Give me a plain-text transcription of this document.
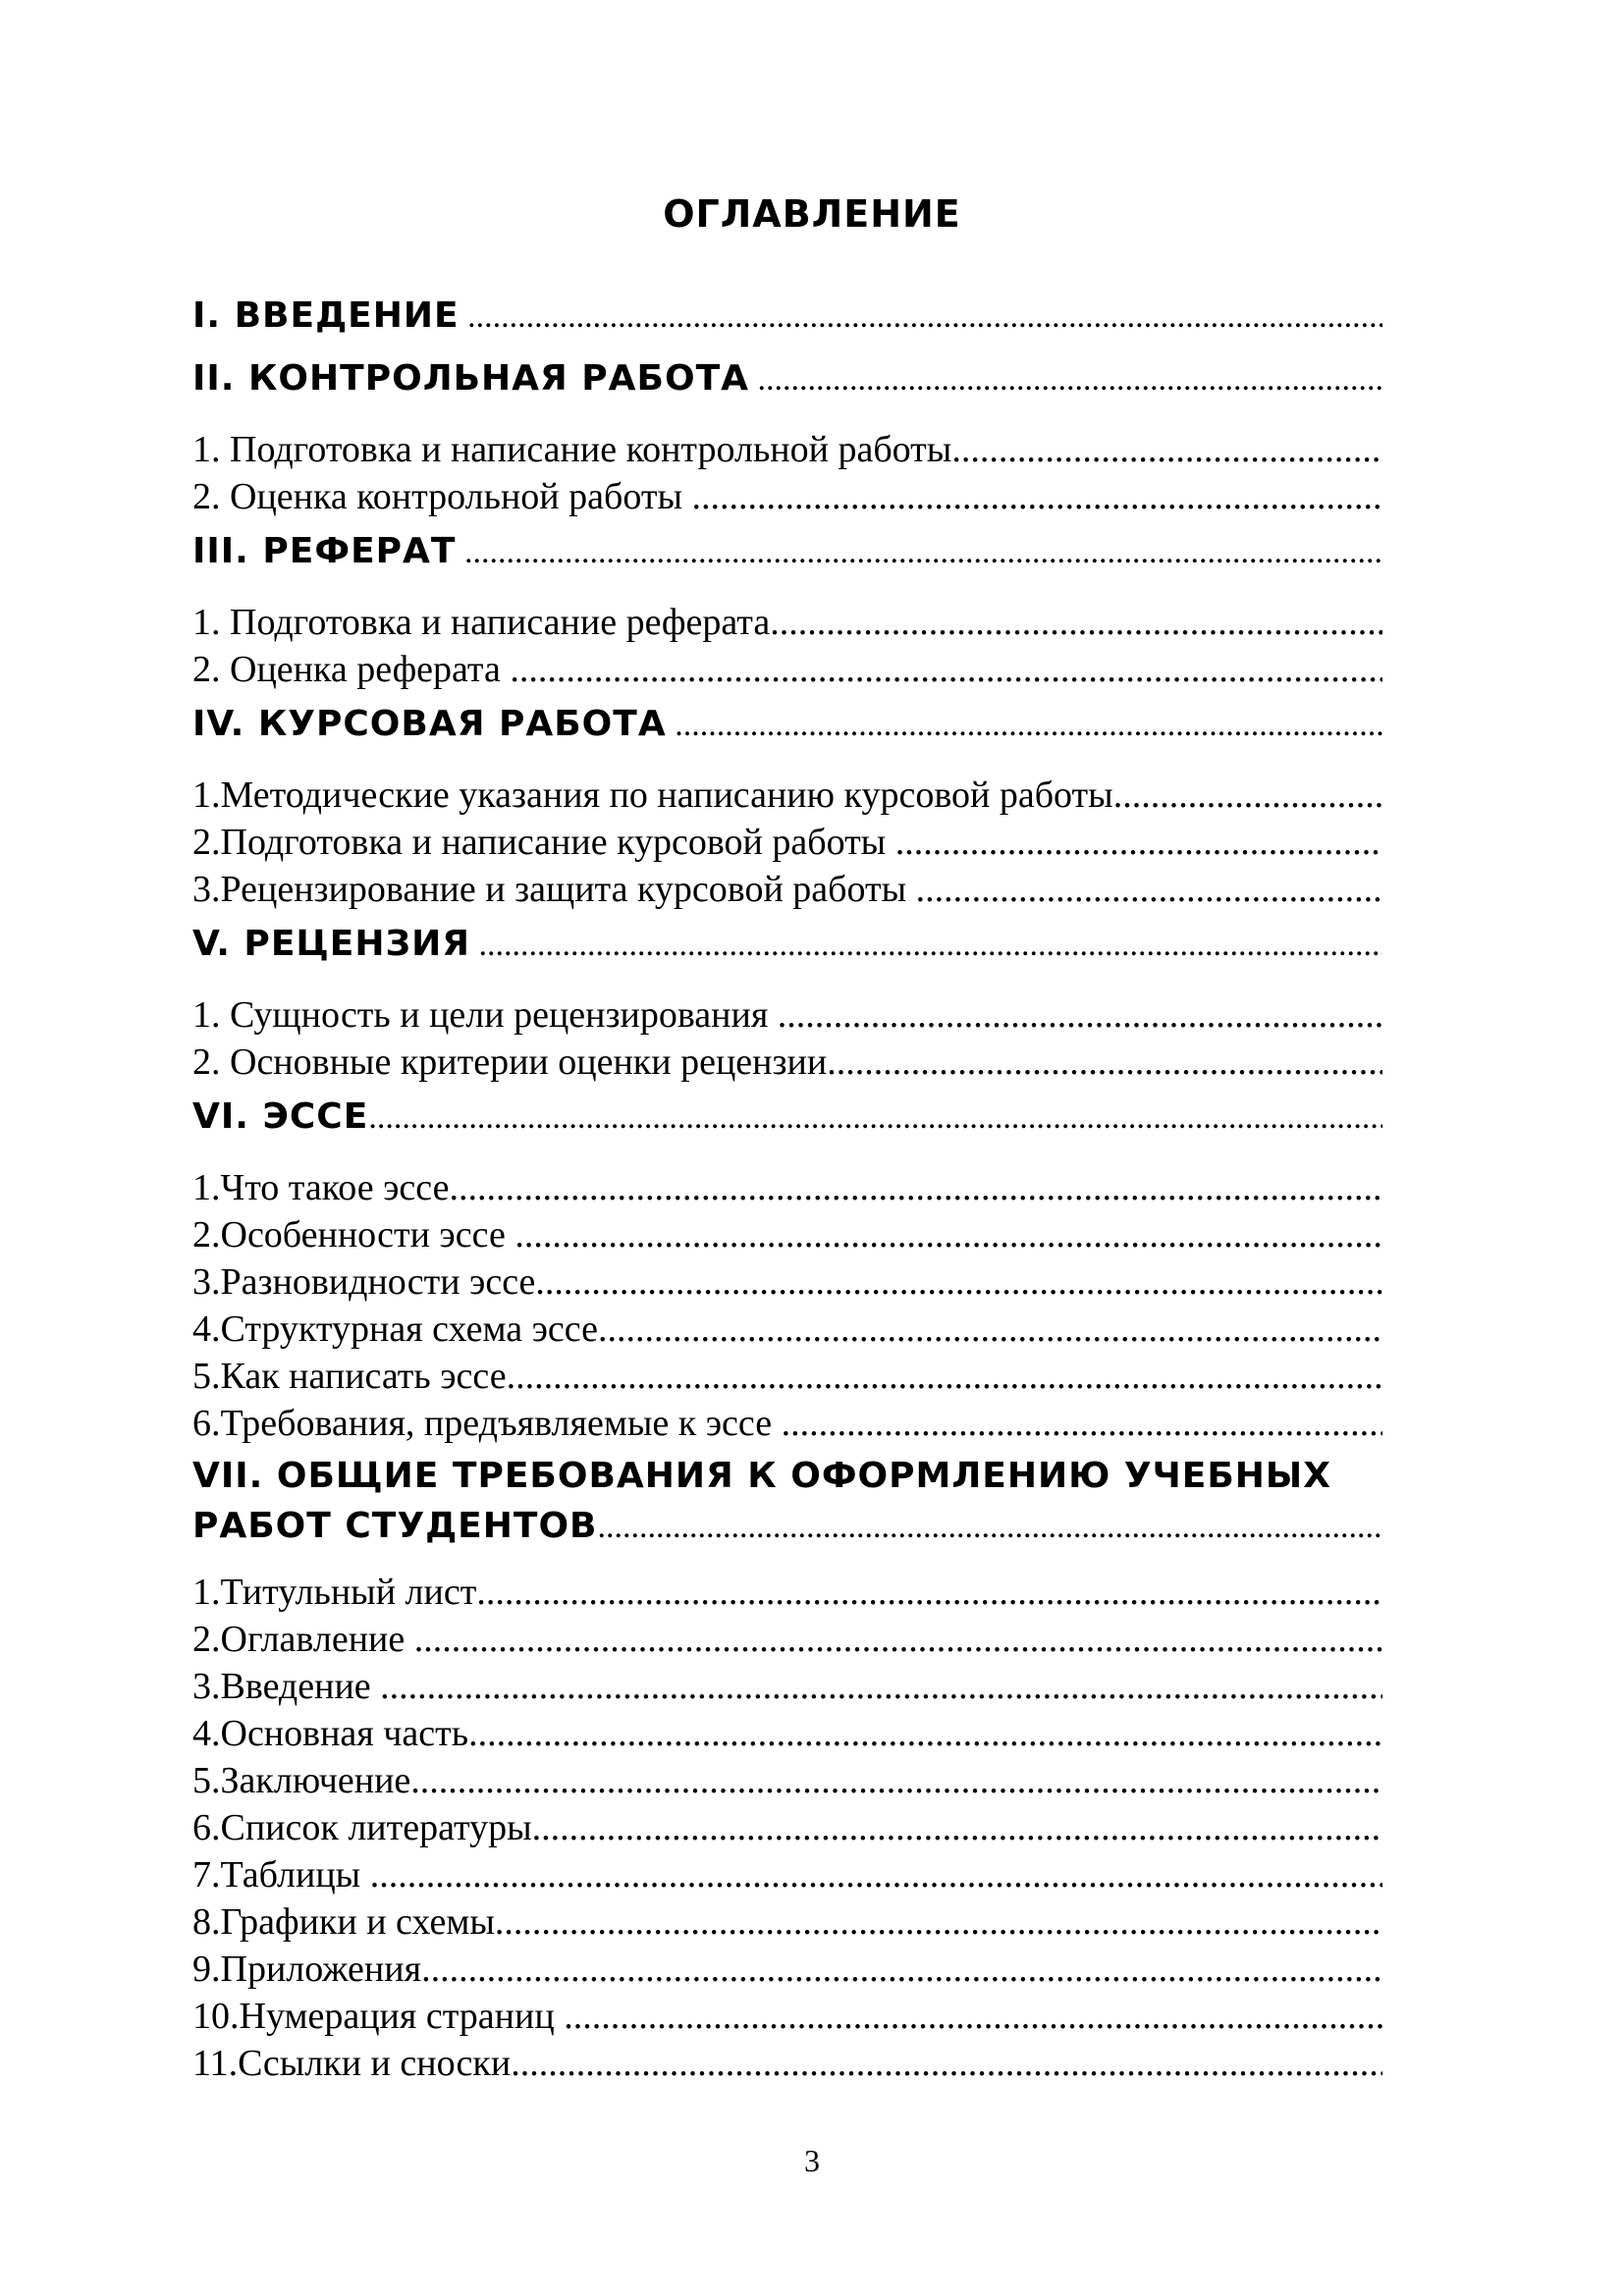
ОГЛАВЛЕНИЕ
I. ВВЕДЕНИЕ
.....
II. КОНТРОЛЬНАЯ РАБОТА
.....
1.
Подготовка и написание контрольной работы
.....
2.
Оценка контрольной работы

.....
III. РЕФЕРАТ
.....
1.
Подготовка и написание реферата
.....
2.
Оценка реферата

.....
IV. КУРСОВАЯ РАБОТА
.....
1. Методические указания по написанию курсовой работы
.....
2. Подготовка и написание курсовой работы

.....
3. Рецензирование и защита курсовой работы

.....
V. РЕЦЕНЗИЯ
.....
1.
Сущность и цели рецензирования

.....
2.
Основные критерии оценки рецензии
.....
VI. ЭССЕ
.....
1. Что такое эссе
.....
2. Особенности эссе

.....
3. Разновидности эссе
.....
4. Структурная схема эссе
.....
5. Как написать эссе
.....
6. Требования, предъявляемые к эссе

.....
VII. ОБЩИЕ ТРЕБОВАНИЯ К ОФОРМЛЕНИЮ УЧЕБНЫХ
РАБОТ СТУДЕНТОВ
.....
1. Титульный лист
.....
2. Оглавление

.....
3. Введение

.....
4. Основная часть
.....
5. Заключение
.....
6. Список литературы
.....
7. Таблицы

.....
8. Графики и схемы
.....
9. Приложения
.....
10. Нумерация страниц

.....
11. Ссылки и сноски
.....
3
